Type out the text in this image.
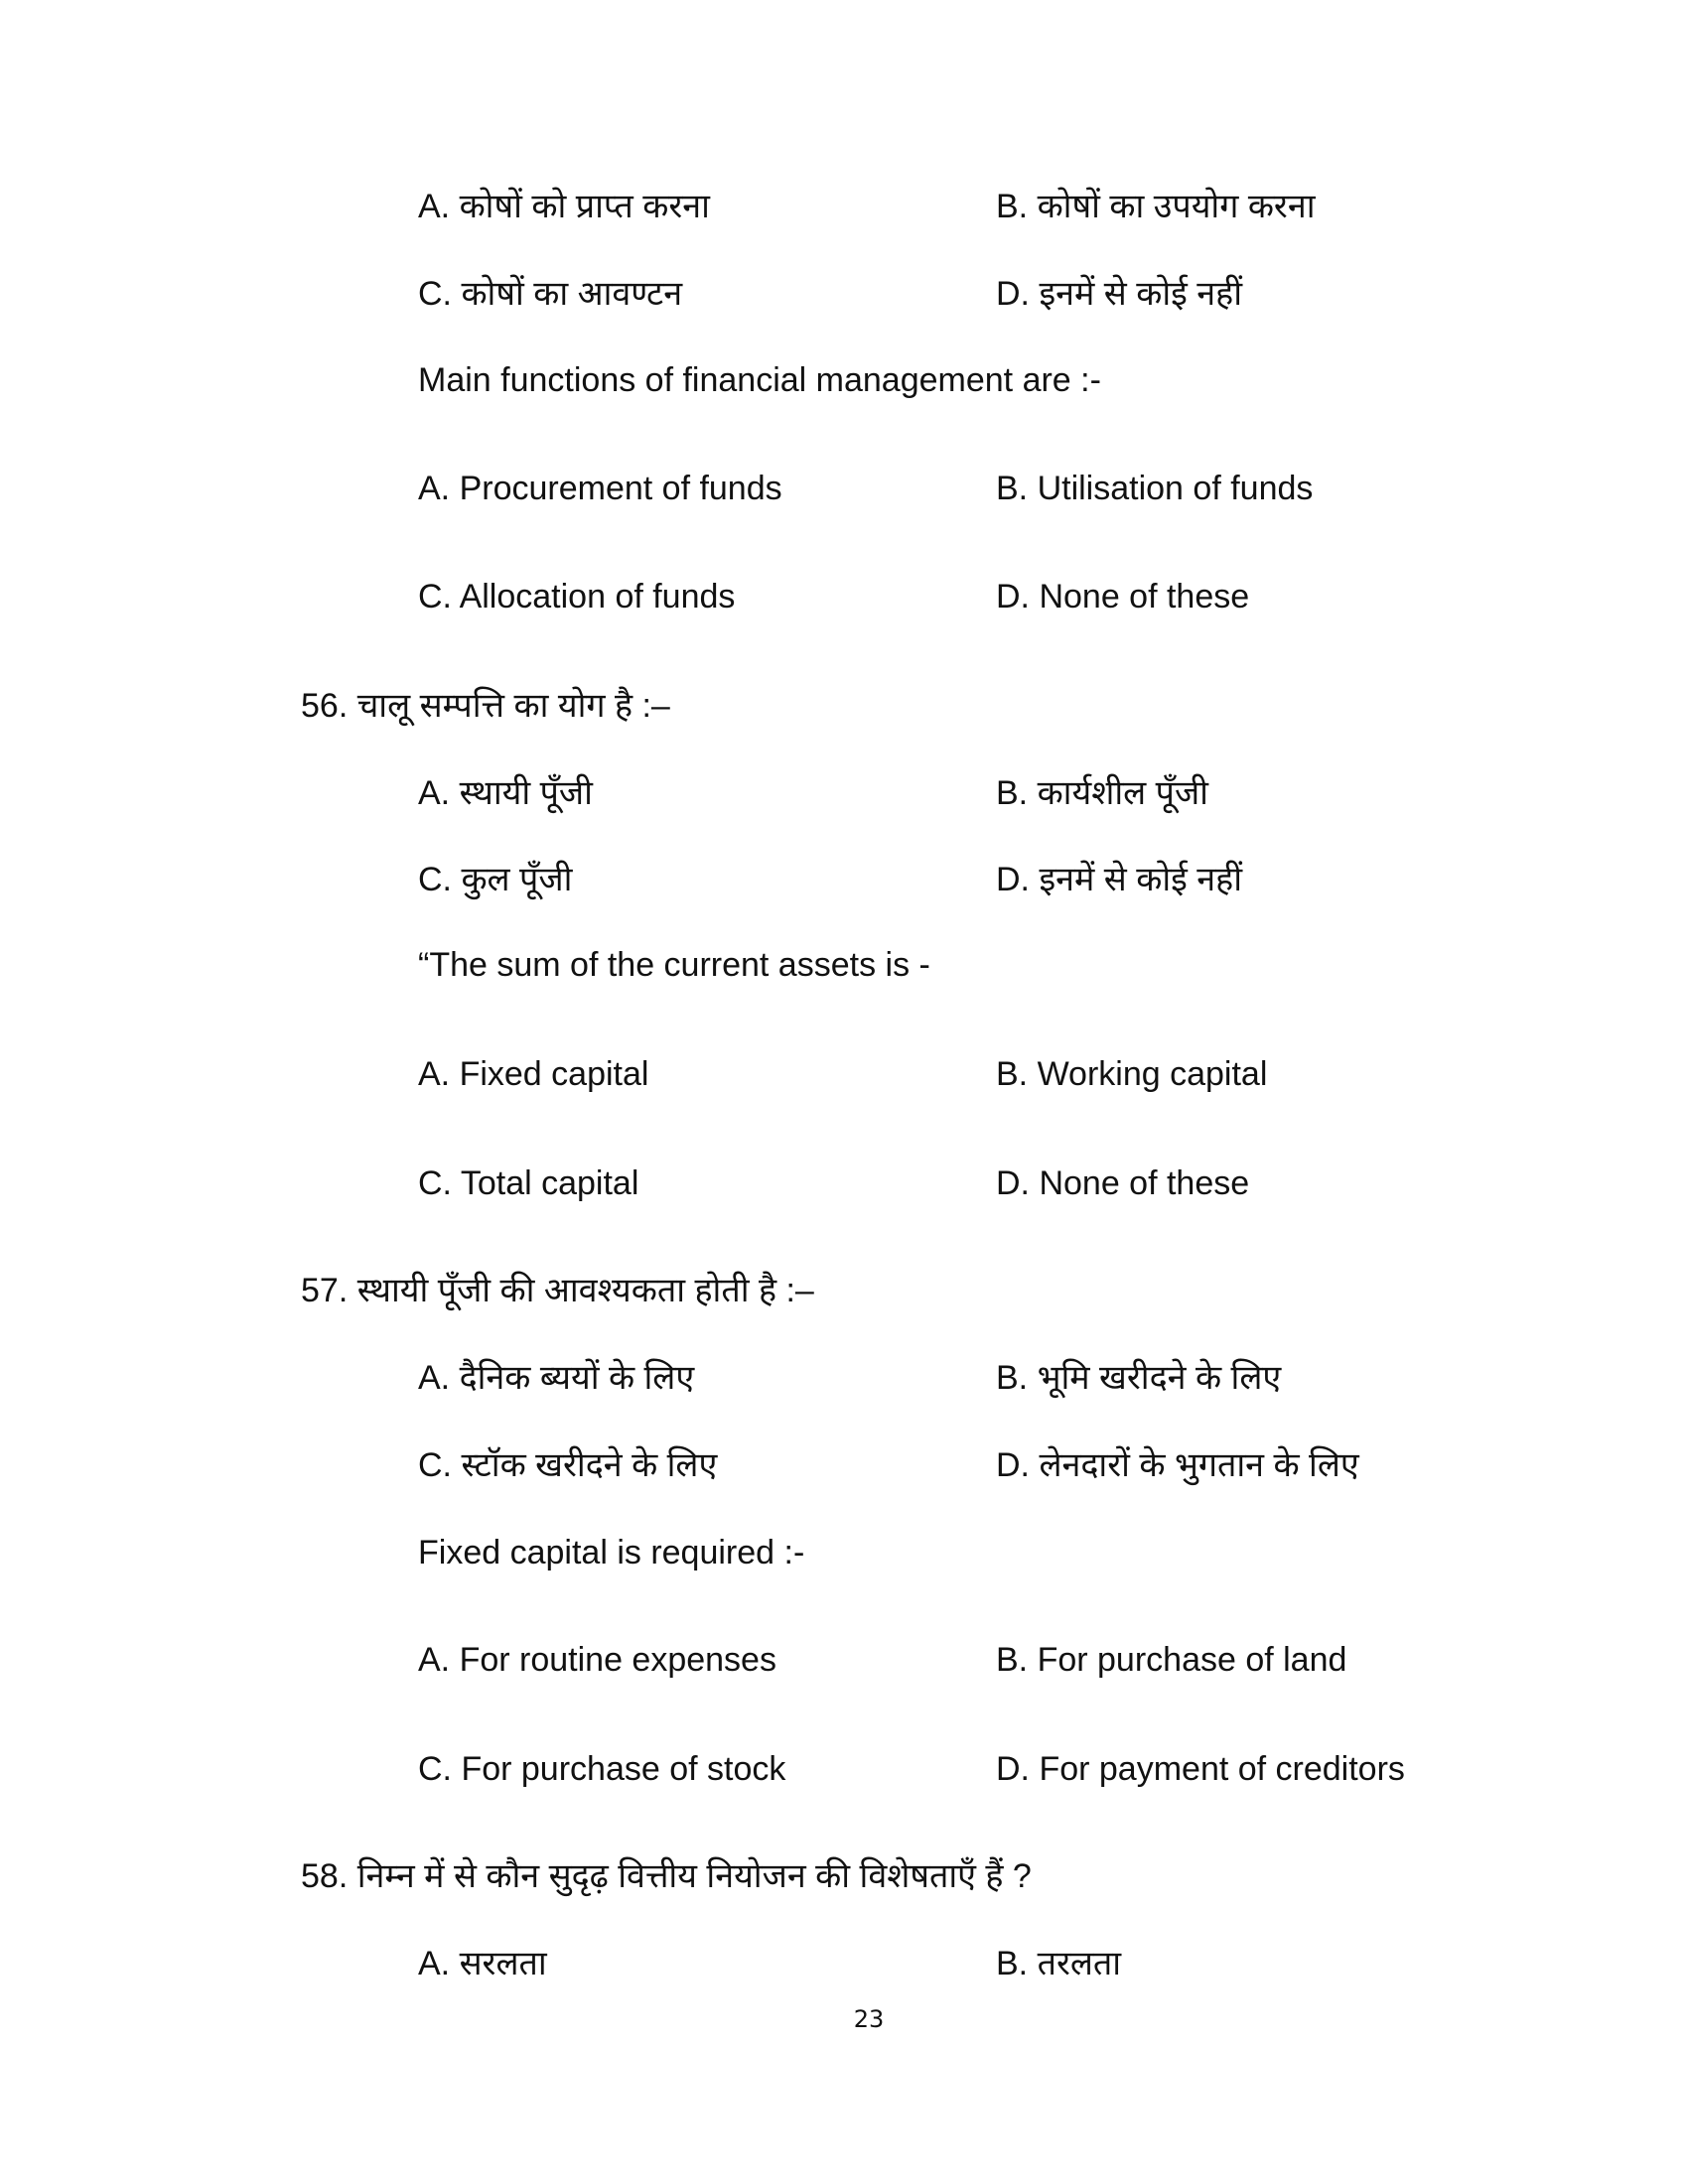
A. कोषों को प्राप्त करना	B. कोषों का उपयोग करना
C. कोषों का आवण्टन	D. इनमें से कोई नहीं
Main functions of financial management are :-
A. Procurement of funds	B. Utilisation of funds
C. Allocation of funds	D. None of these
56. चालू सम्पत्ति का योग है :–
A. स्थायी पूँजी	B. कार्यशील पूँजी
C. कुल पूँजी	D. इनमें से कोई नहीं
“The sum of the current assets is -
A. Fixed capital	B. Working capital
C. Total capital	D. None of these
57. स्थायी पूँजी की आवश्यकता होती है :–
A. दैनिक ब्ययों के लिए	B. भूमि खरीदने के लिए
C. स्टॉक खरीदने के लिए	D. लेनदारों के भुगतान के लिए
Fixed capital is required :-
A. For routine expenses	B. For purchase of land
C. For purchase of stock	D. For payment of creditors
58. निम्न में से कौन सुदृढ़ वित्तीय नियोजन की विशेषताएँ हैं ?
A. सरलता	B. तरलता
23
